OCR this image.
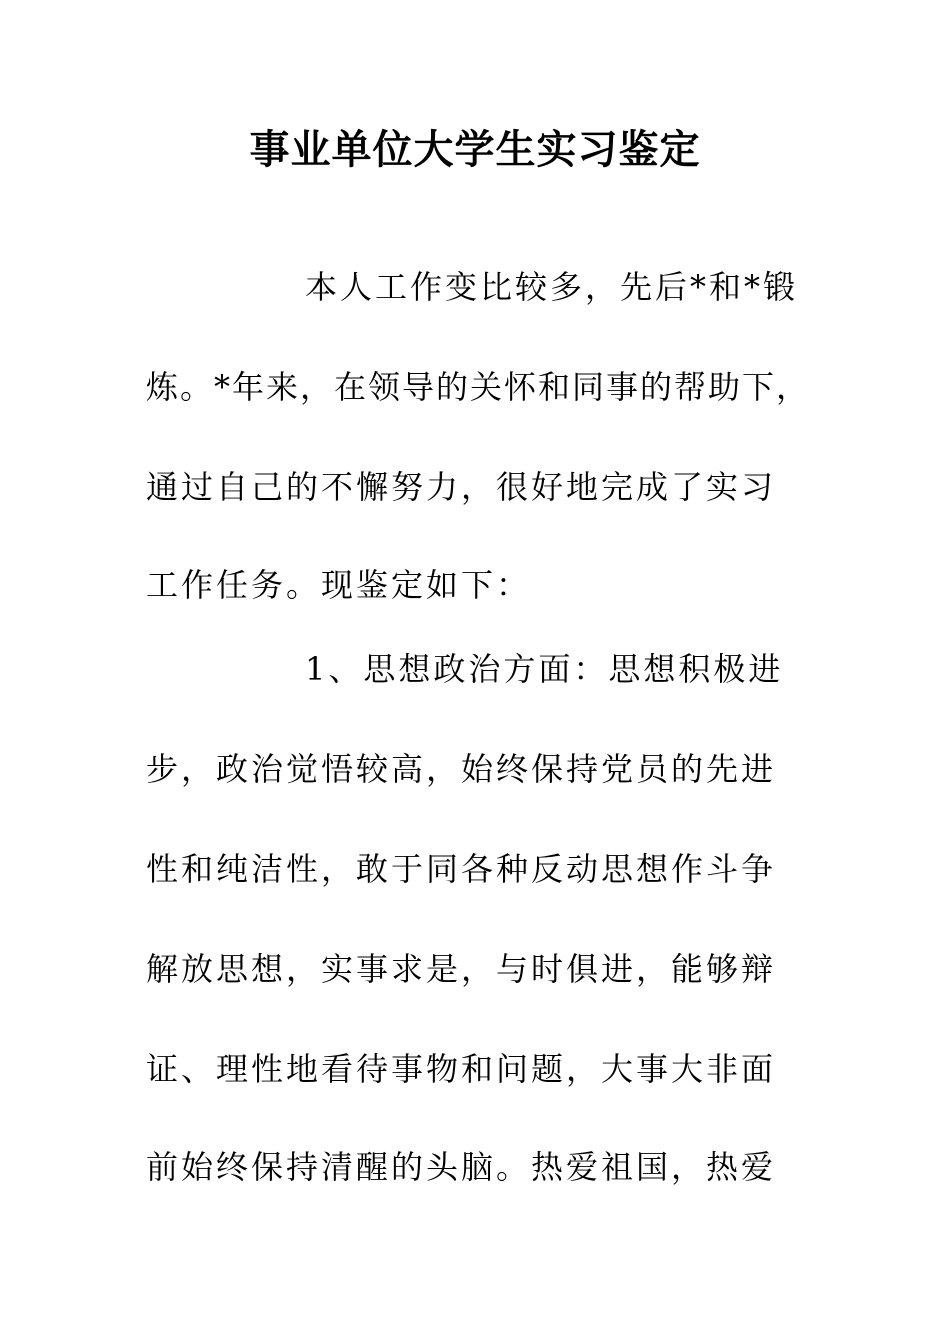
事业单位大学生实习鉴定
本人工作变比较多，先后*和*锻
炼。*年来，在领导的关怀和同事的帮助下，
通过自己的不懈努力，很好地完成了实习
工作任务。现鉴定如下：
1、思想政治方面：思想积极进
步，政治觉悟较高，始终保持党员的先进
性和纯洁性，敢于同各种反动思想作斗争
解放思想，实事求是，与时俱进，能够辩
证、理性地看待事物和问题，大事大非面
前始终保持清醒的头脑。热爱祖国，热爱
